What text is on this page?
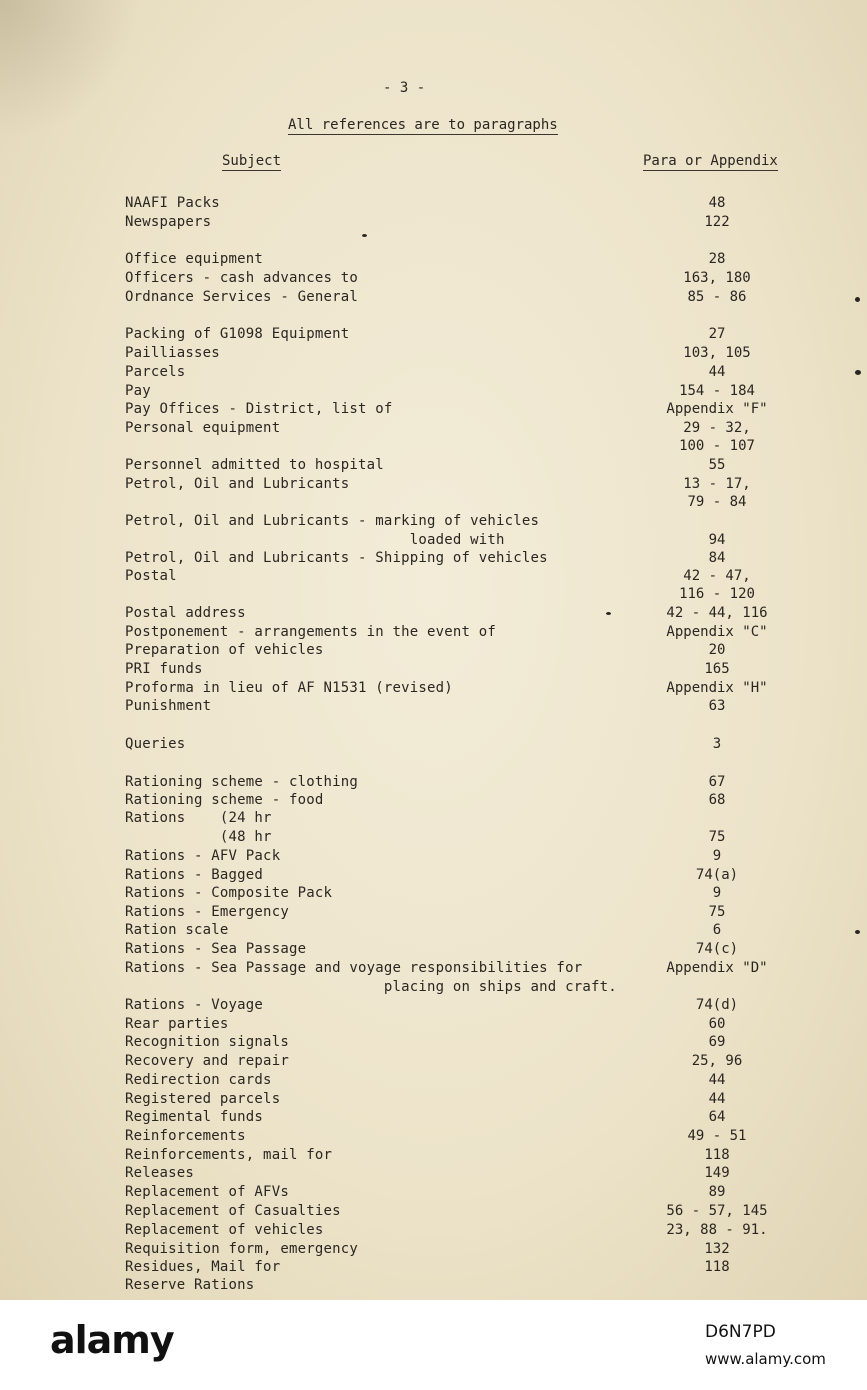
- 3 -
All references are to paragraphs
Subject	Para or Appendix
NAAFI Packs	48
Newspapers	122
Office equipment	28
Officers - cash advances to	163, 180
Ordnance Services - General	85 - 86
Packing of G1098 Equipment	27
Pailliasses	103, 105
Parcels	44
Pay	154 - 184
Pay Offices - District, list of	Appendix "F"
Personal equipment	29 - 32,
100 - 107
Personnel admitted to hospital	55
Petrol, Oil and Lubricants	13 - 17,
79 - 84
Petrol, Oil and Lubricants - marking of vehicles
loaded with	94
Petrol, Oil and Lubricants - Shipping of vehicles	84
Postal	42 - 47,
116 - 120
Postal address	42 - 44, 116
Postponement - arrangements in the event of	Appendix "C"
Preparation of vehicles	20
PRI funds	165
Proforma in lieu of AF N1531 (revised)	Appendix "H"
Punishment	63
Queries	3
Rationing scheme - clothing	67
Rationing scheme - food	68
Rations    (24 hr
(48 hr	75
Rations - AFV Pack	9
Rations - Bagged	74(a)
Rations - Composite Pack	9
Rations - Emergency	75
Ration scale	6
Rations - Sea Passage	74(c)
Rations - Sea Passage and voyage responsibilities for	Appendix "D"
placing on ships and craft.
Rations - Voyage	74(d)
Rear parties	60
Recognition signals	69
Recovery and repair	25, 96
Redirection cards	44
Registered parcels	44
Regimental funds	64
Reinforcements	49 - 51
Reinforcements, mail for	118
Releases	149
Replacement of AFVs	89
Replacement of Casualties	56 - 57, 145
Replacement of vehicles	23, 88 - 91.
Requisition form, emergency	132
Residues, Mail for	118
Reserve Rations
alamy	D6N7PD
www.alamy.com
